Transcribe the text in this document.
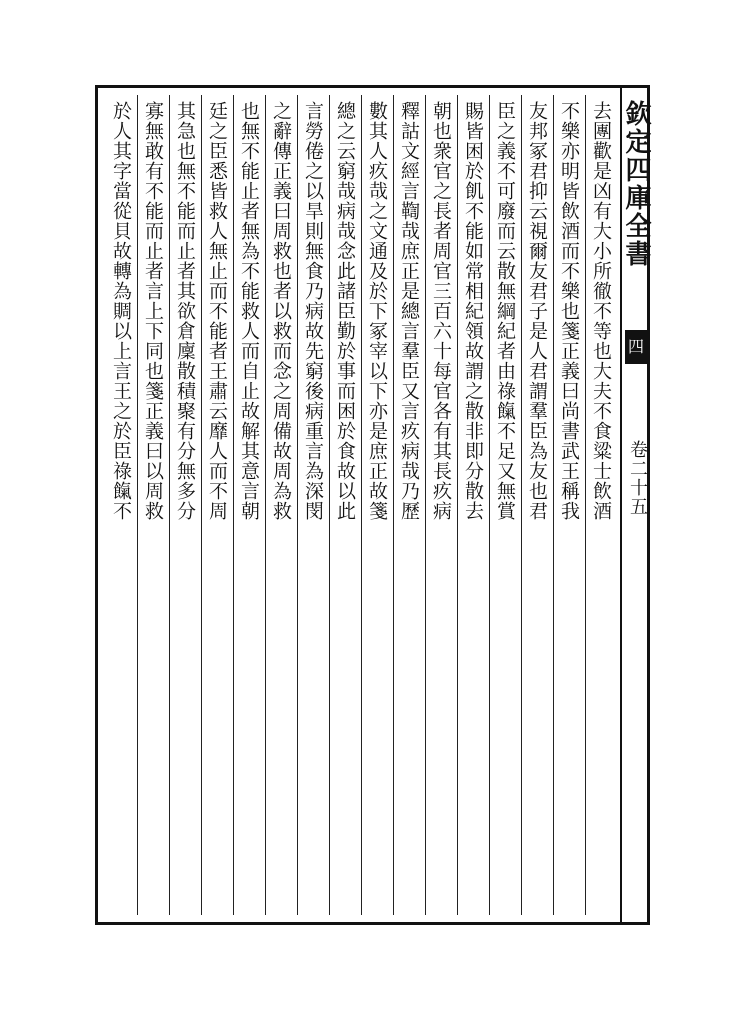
欽定四庫全書
四
卷二十五
去團歡是凶有大小所徹不等也大夫不食粱士飲酒
不樂亦明皆飲酒而不樂也箋正義曰尚書武王稱我
友邦冢君抑云視爾友君子是人君謂羣臣為友也君
臣之義不可廢而云散無綱紀者由祿餼不足又無賞
賜皆困於飢不能如常相紀領故謂之散非即分散去
朝也衆官之長者周官三百六十每官各有其長疚病
釋詁文經言鞫哉庶正是總言羣臣又言疚病哉乃歷
數其人疚哉之文通及於下冢宰以下亦是庶正故箋
總之云窮哉病哉念此諸臣勤於事而困於食故以此
言勞倦之以旱則無食乃病故先窮後病重言為深閔
之辭傳正義曰周救也者以救而念之周備故周為救
也無不能止者無為不能救人而自止故解其意言朝
廷之臣悉皆救人無止而不能者王肅云靡人而不周
其急也無不能而止者其欲倉廩散積聚有分無多分
寡無敢有不能而止者言上下同也箋正義曰以周救
於人其字當從貝故轉為賙以上言王之於臣祿餼不
